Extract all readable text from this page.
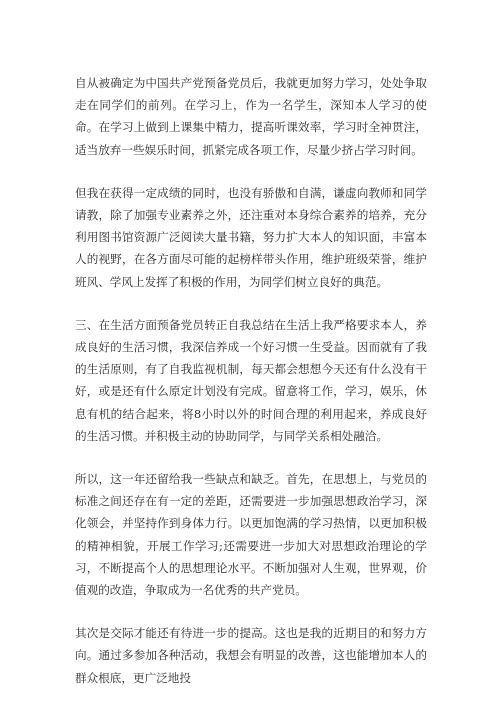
自从被确定为中国共产党预备党员后，我就更加努力学习，处处争取走在同学们的前列。在学习上，作为一名学生，深知本人学习的使命。在学习上做到上课集中精力，提高听课效率，学习时全神贯注，适当放弃一些娱乐时间，抓紧完成各项工作，尽量少挤占学习时间。

但我在获得一定成绩的同时，也没有骄傲和自满，谦虚向教师和同学请教，除了加强专业素养之外，还注重对本身综合素养的培养，充分利用图书馆资源广泛阅读大量书籍，努力扩大本人的知识面，丰富本人的视野，在各方面尽可能的起榜样带头作用，维护班级荣誉，维护班风、学风上发挥了积极的作用，为同学们树立良好的典范。

三、在生活方面预备党员转正自我总结在生活上我严格要求本人，养成良好的生活习惯，我深信养成一个好习惯一生受益。因而就有了我的生活原则，有了自我监视机制，每天都会想想今天还有什么没有干好，或是还有什么原定计划没有完成。留意将工作，学习，娱乐，休息有机的结合起来，将8小时以外的时间合理的利用起来，养成良好的生活习惯。并积极主动的协助同学，与同学关系相处融洽。

所以，这一年还留给我一些缺点和缺乏。首先，在思想上，与党员的标准之间还存在有一定的差距，还需要进一步加强思想政治学习，深化领会，并坚持作到身体力行。以更加饱满的学习热情，以更加积极的精神相貌，开展工作学习;还需要进一步加大对思想政治理论的学习，不断提高个人的思想理论水平。不断加强对人生观，世界观，价值观的改造，争取成为一名优秀的共产党员。

其次是交际才能还有待进一步的提高。这也是我的近期目的和努力方向。通过多参加各种活动，我想会有明显的改善，这也能增加本人的群众根底，更广泛地投
